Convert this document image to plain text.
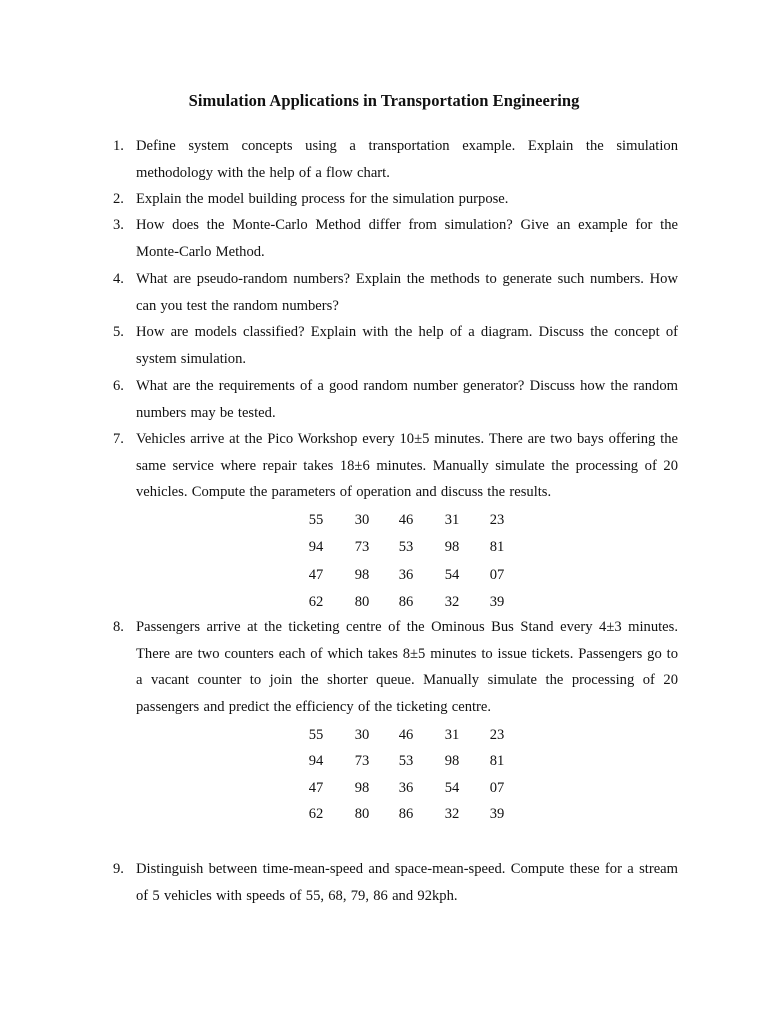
Simulation Applications in Transportation Engineering
1. Define system concepts using a transportation example. Explain the simulation methodology with the help of a flow chart.
2. Explain the model building process for the simulation purpose.
3. How does the Monte-Carlo Method differ from simulation? Give an example for the Monte-Carlo Method.
4. What are pseudo-random numbers? Explain the methods to generate such numbers. How can you test the random numbers?
5. How are models classified? Explain with the help of a diagram. Discuss the concept of system simulation.
6. What are the requirements of a good random number generator? Discuss how the random numbers may be tested.
7. Vehicles arrive at the Pico Workshop every 10±5 minutes. There are two bays offering the same service where repair takes 18±6 minutes. Manually simulate the processing of 20 vehicles. Compute the parameters of operation and discuss the results.
55	30	46	31	23
94	73	53	98	81
47	98	36	54	07
62	80	86	32	39
8. Passengers arrive at the ticketing centre of the Ominous Bus Stand every 4±3 minutes. There are two counters each of which takes 8±5 minutes to issue tickets. Passengers go to a vacant counter to join the shorter queue. Manually simulate the processing of 20 passengers and predict the efficiency of the ticketing centre.
55	30	46	31	23
94	73	53	98	81
47	98	36	54	07
62	80	86	32	39
9. Distinguish between time-mean-speed and space-mean-speed. Compute these for a stream of 5 vehicles with speeds of 55, 68, 79, 86 and 92kph.
